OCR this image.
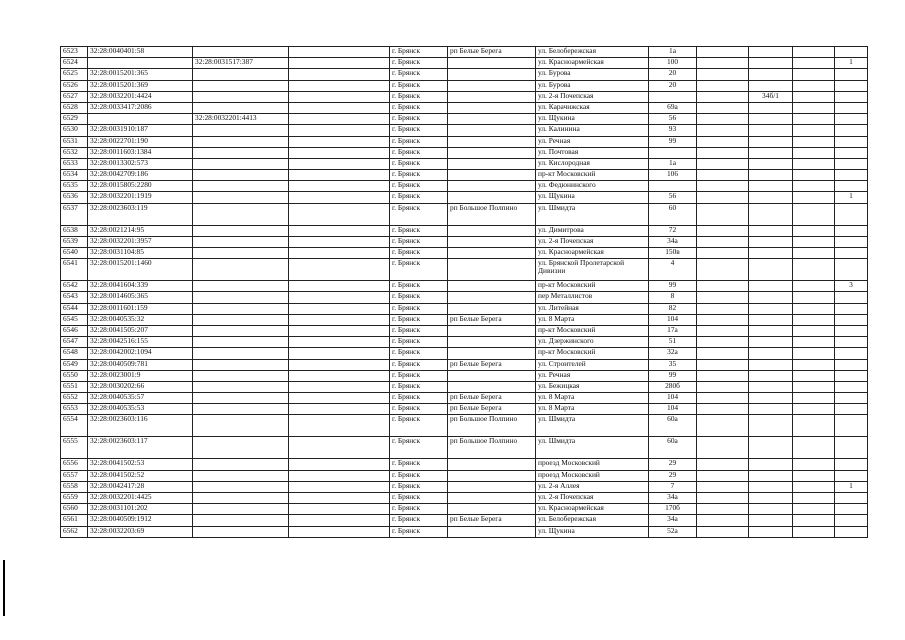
6523	32:28:0040401:58			г. Брянск	рп Белые Берега	ул. Белобережская	1а				
6524		32:28:0031517:387		г. Брянск		ул. Красноармейская	100				1
6525	32:28:0015201:365			г. Брянск		ул. Бурова	20				
6526	32:28:0015201:369			г. Брянск		ул. Бурова	20				
6527	32:28:0032201:4424			г. Брянск		ул. 2-я Почепская			34б/1		
6528	32:28:0033417:2086			г. Брянск		ул. Карачижская	69а				
6529		32:28:0032201:4413		г. Брянск		ул. Щукина	56				
6530	32:28:0031910:187			г. Брянск		ул. Калинина	93				
6531	32:28:0022701:190			г. Брянск		ул. Речная	99				
6532	32:28:0011603:1384			г. Брянск		ул. Почтовая					
6533	32:28:0013302:573			г. Брянск		ул. Кислородная	1а				
6534	32:28:0042709:186			г. Брянск		пр-кт Московский	106				
6535	32:28:0015805:2280			г. Брянск		ул. Федюнинского					
6536	32:28:0032201:1919			г. Брянск		ул. Щукина	56				1
6537	32:28:0023603:119			г. Брянск	рп Большое Полпино	ул. Шмидта	60				
6538	32:28:0021214:95			г. Брянск		ул. Димитрова	72				
6539	32:28:0032201:3957			г. Брянск		ул. 2-я Почепская	34а				
6540	32:28:0031104:85			г. Брянск		ул. Красноармейская	150в				
6541	32:28:0015201:1460			г. Брянск		ул. Брянской Пролетарской
Дивизии	4				
6542	32:28:0041604:339			г. Брянск		пр-кт Московский	99				3
6543	32:28:0014605:365			г. Брянск		пер Металлистов	8				
6544	32:28:0011601:159			г. Брянск		ул. Литейная	82				
6545	32:28:0040535:32			г. Брянск	рп Белые Берега	ул. 8 Марта	104				
6546	32:28:0041505:207			г. Брянск		пр-кт Московский	17а				
6547	32:28:0042516:155			г. Брянск		ул. Дзержинского	51				
6548	32:28:0042002:1094			г. Брянск		пр-кт Московский	32а				
6549	32:28:0040509:781			г. Брянск	рп Белые Берега	ул. Строителей	35				
6550	32:28:0023001:9			г. Брянск		ул. Речная	99				
6551	32:28:0030202:66			г. Брянск		ул. Бежицкая	280б				
6552	32:28:0040535:57			г. Брянск	рп Белые Берега	ул. 8 Марта	104				
6553	32:28:0040535:53			г. Брянск	рп Белые Берега	ул. 8 Марта	104				
6554	32:28:0023603:116			г. Брянск	рп Большое Полпино	ул. Шмидта	60а				
6555	32:28:0023603:117			г. Брянск	рп Большое Полпино	ул. Шмидта	60а				
6556	32:28:0041502:53			г. Брянск		проезд Московский	29				
6557	32:28:0041502:52			г. Брянск		проезд Московский	29				
6558	32:28:0042417:28			г. Брянск		ул. 2-я Аллея	7				1
6559	32:28:0032201:4425			г. Брянск		ул. 2-я Почепская	34а				
6560	32:28:0031101:202			г. Брянск		ул. Красноармейская	170б				
6561	32:28:0040509:1912			г. Брянск	рп Белые Берега	ул. Белобережская	34а				
6562	32:28:0032203:69			г. Брянск		ул. Щукина	52а				
